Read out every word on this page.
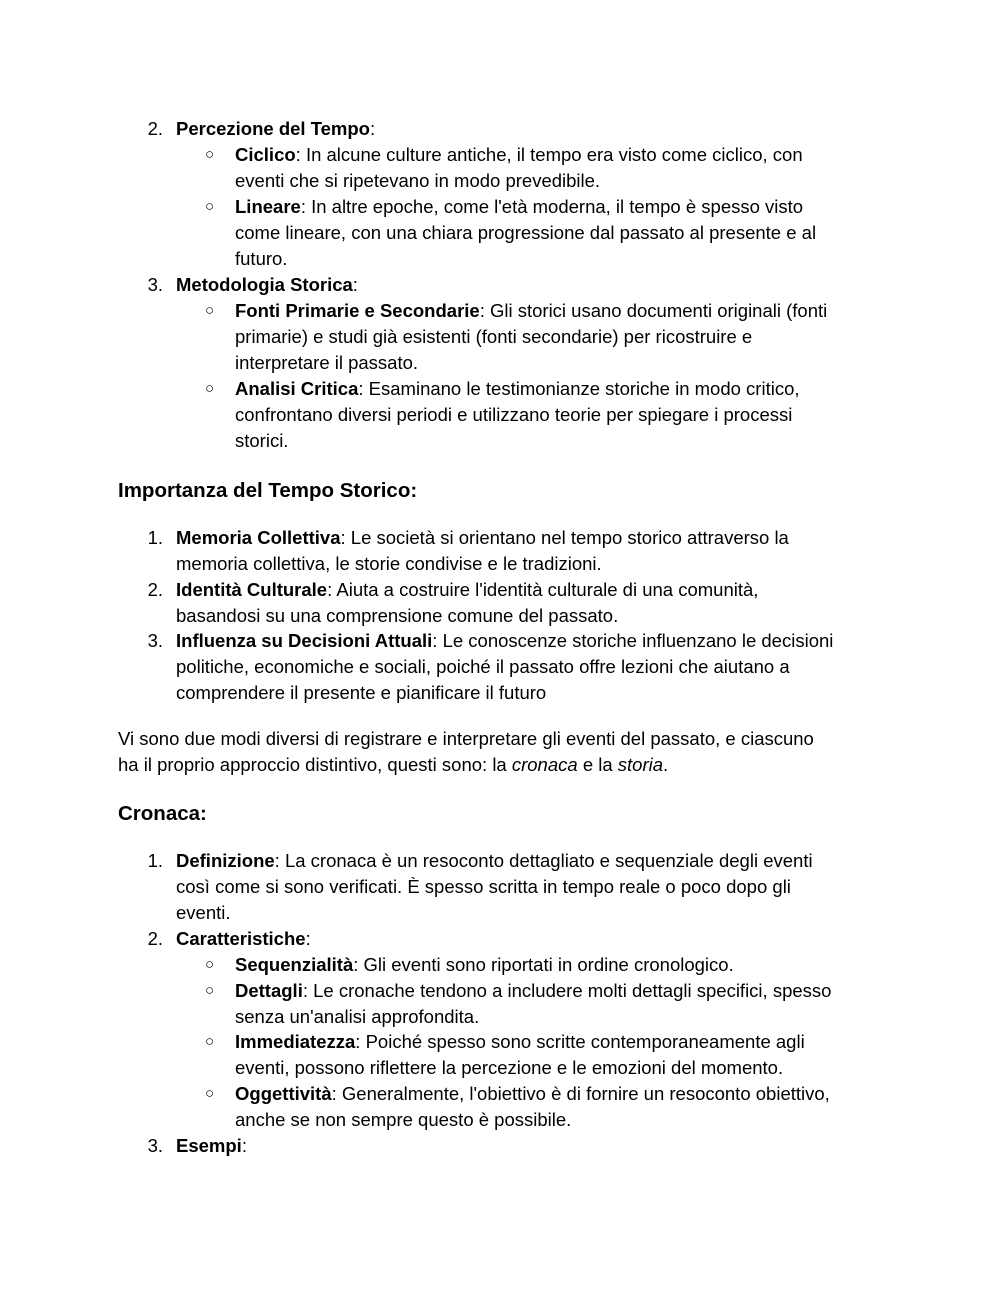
2. Percezione del Tempo:
○ Ciclico: In alcune culture antiche, il tempo era visto come ciclico, con
eventi che si ripetevano in modo prevedibile.
○ Lineare: In altre epoche, come l'età moderna, il tempo è spesso visto
come lineare, con una chiara progressione dal passato al presente e al
futuro.
3. Metodologia Storica:
○ Fonti Primarie e Secondarie: Gli storici usano documenti originali (fonti
primarie) e studi già esistenti (fonti secondarie) per ricostruire e
interpretare il passato.
○ Analisi Critica: Esaminano le testimonianze storiche in modo critico,
confrontano diversi periodi e utilizzano teorie per spiegare i processi
storici.
Importanza del Tempo Storico:
1. Memoria Collettiva: Le società si orientano nel tempo storico attraverso la
memoria collettiva, le storie condivise e le tradizioni.
2. Identità Culturale: Aiuta a costruire l'identità culturale di una comunità,
basandosi su una comprensione comune del passato.
3. Influenza su Decisioni Attuali: Le conoscenze storiche influenzano le decisioni
politiche, economiche e sociali, poiché il passato offre lezioni che aiutano a
comprendere il presente e pianificare il futuro
Vi sono due modi diversi di registrare e interpretare gli eventi del passato, e ciascuno
ha il proprio approccio distintivo, questi sono: la cronaca e la storia.
Cronaca:
1. Definizione: La cronaca è un resoconto dettagliato e sequenziale degli eventi
così come si sono verificati. È spesso scritta in tempo reale o poco dopo gli
eventi.
2. Caratteristiche:
○ Sequenzialità: Gli eventi sono riportati in ordine cronologico.
○ Dettagli: Le cronache tendono a includere molti dettagli specifici, spesso
senza un'analisi approfondita.
○ Immediatezza: Poiché spesso sono scritte contemporaneamente agli
eventi, possono riflettere la percezione e le emozioni del momento.
○ Oggettività: Generalmente, l'obiettivo è di fornire un resoconto obiettivo,
anche se non sempre questo è possibile.
3. Esempi:
